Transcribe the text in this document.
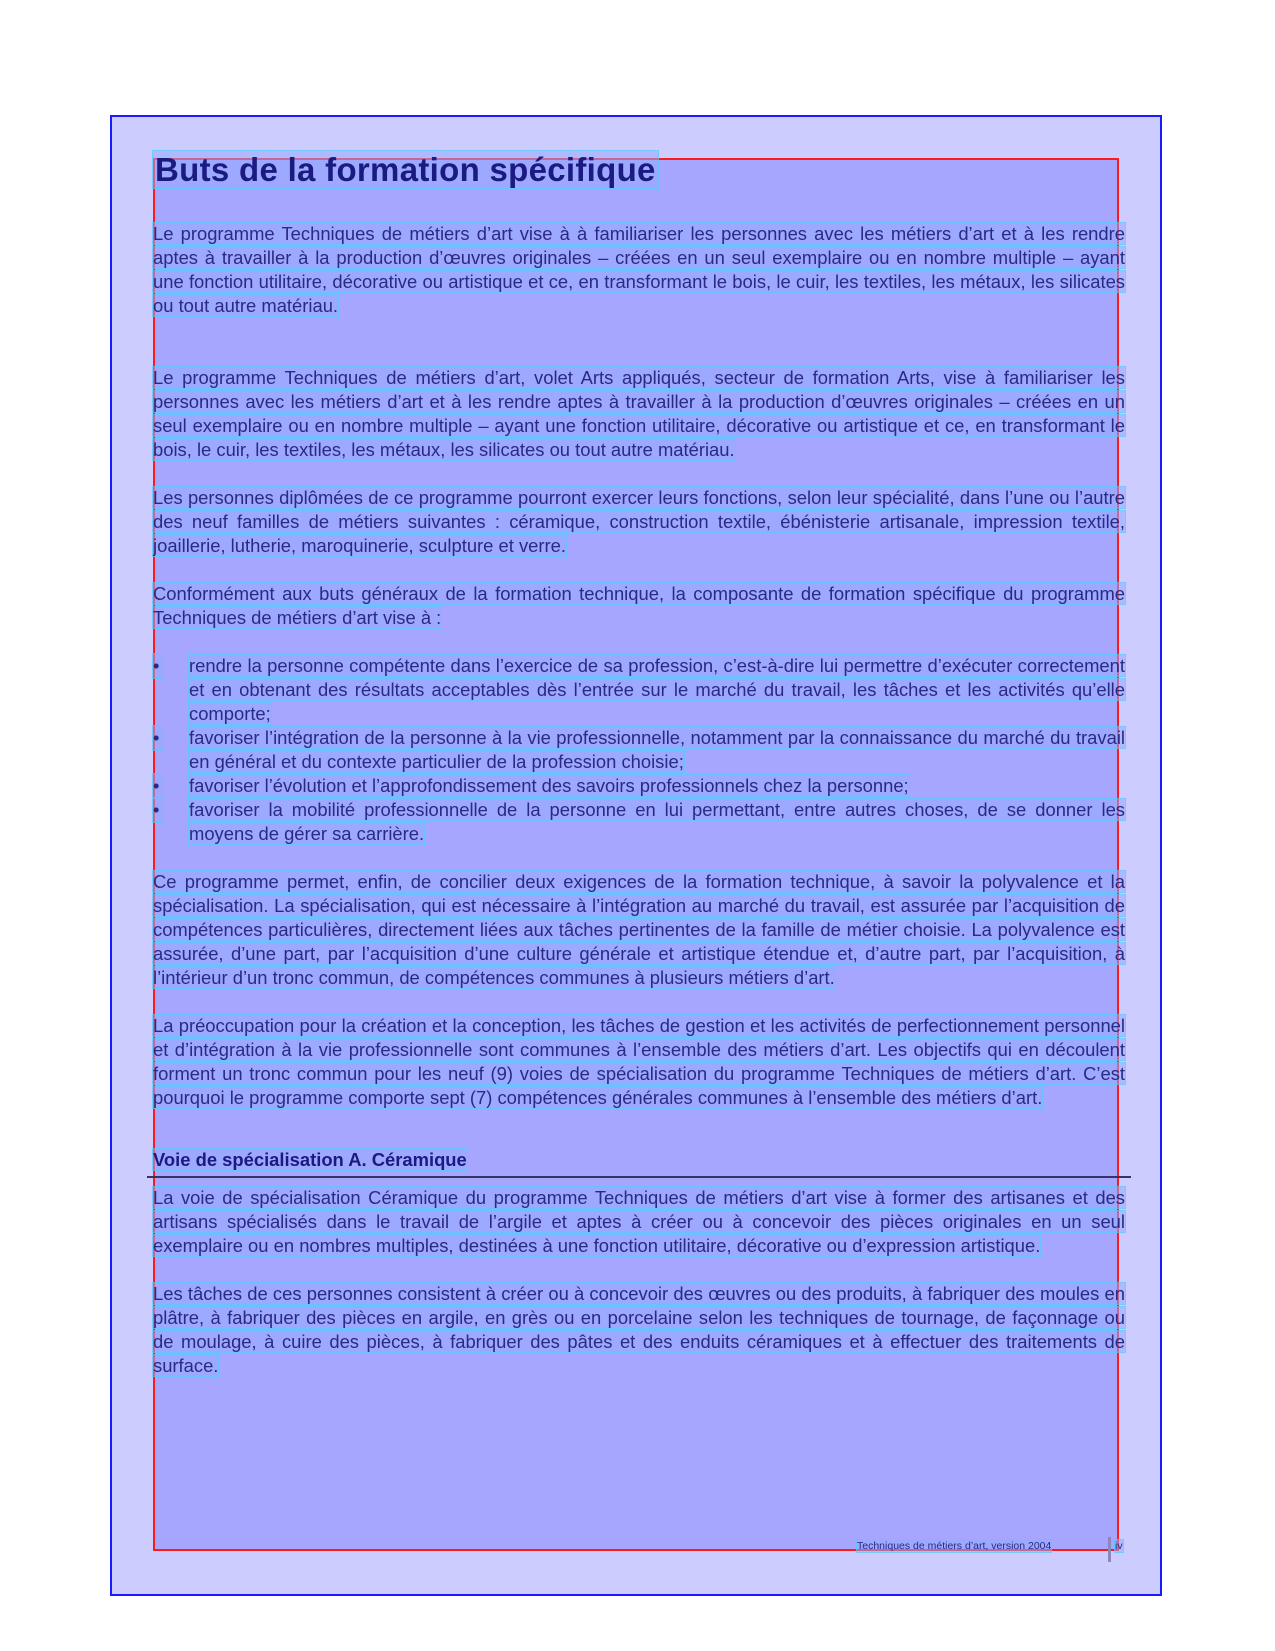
Buts de la formation spécifique

Le programme Techniques de métiers d’art vise à à familiariser les personnes avec les métiers d’art et à les rendre aptes à travailler à la production d’œuvres originales – créées en un seul exemplaire ou en nombre multiple – ayant une fonction utilitaire, décorative ou artistique et ce, en transformant le bois, le cuir, les textiles, les métaux, les silicates ou tout autre matériau.

Le programme Techniques de métiers d’art, volet Arts appliqués, secteur de formation Arts, vise à familiariser les personnes avec les métiers d’art et à les rendre aptes à travailler à la production d’œuvres originales – créées en un seul exemplaire ou en nombre multiple – ayant une fonction utilitaire, décorative ou artistique et ce, en transformant le bois, le cuir, les textiles, les métaux, les silicates ou tout autre matériau.

Les personnes diplômées de ce programme pourront exercer leurs fonctions, selon leur spécialité, dans l’une ou l’autre des neuf familles de métiers suivantes : céramique, construction textile, ébénisterie artisanale, impression textile, joaillerie, lutherie, maroquinerie, sculpture et verre.

Conformément aux buts généraux de la formation technique, la composante de formation spécifique du programme Techniques de métiers d’art vise à :

• rendre la personne compétente dans l’exercice de sa profession, c’est-à-dire lui permettre d’exécuter correctement et en obtenant des résultats acceptables dès l’entrée sur le marché du travail, les tâches et les activités qu’elle comporte;
• favoriser l’intégration de la personne à la vie professionnelle, notamment par la connaissance du marché du travail en général et du contexte particulier de la profession choisie;
• favoriser l’évolution et l’approfondissement des savoirs professionnels chez la personne;
• favoriser la mobilité professionnelle de la personne en lui permettant, entre autres choses, de se donner les moyens de gérer sa carrière.

Ce programme permet, enfin, de concilier deux exigences de la formation technique, à savoir la polyvalence et la spécialisation. La spécialisation, qui est nécessaire à l’intégration au marché du travail, est assurée par l’acquisition de compétences particulières, directement liées aux tâches pertinentes de la famille de métier choisie. La polyvalence est assurée, d’une part, par l’acquisition d’une culture générale et artistique étendue et, d’autre part, par l’acquisition, à l’intérieur d’un tronc commun, de compétences communes à plusieurs métiers d’art.

La préoccupation pour la création et la conception, les tâches de gestion et les activités de perfectionnement personnel et d’intégration à la vie professionnelle sont communes à l’ensemble des métiers d’art. Les objectifs qui en découlent forment un tronc commun pour les neuf (9) voies de spécialisation du programme Techniques de métiers d’art. C’est pourquoi le programme comporte sept (7) compétences générales communes à l’ensemble des métiers d’art.

Voie de spécialisation A. Céramique

La voie de spécialisation Céramique du programme Techniques de métiers d’art vise à former des artisanes et des artisans spécialisés dans le travail de l’argile et aptes à créer ou à concevoir des pièces originales en un seul exemplaire ou en nombres multiples, destinées à une fonction utilitaire, décorative ou d’expression artistique.

Les tâches de ces personnes consistent à créer ou à concevoir des œuvres ou des produits, à fabriquer des moules en plâtre, à fabriquer des pièces en argile, en grès ou en porcelaine selon les techniques de tournage, de façonnage ou de moulage, à cuire des pièces, à fabriquer des pâtes et des enduits céramiques et à effectuer des traitements de surface.

Techniques de métiers d’art, version 2004	iv
